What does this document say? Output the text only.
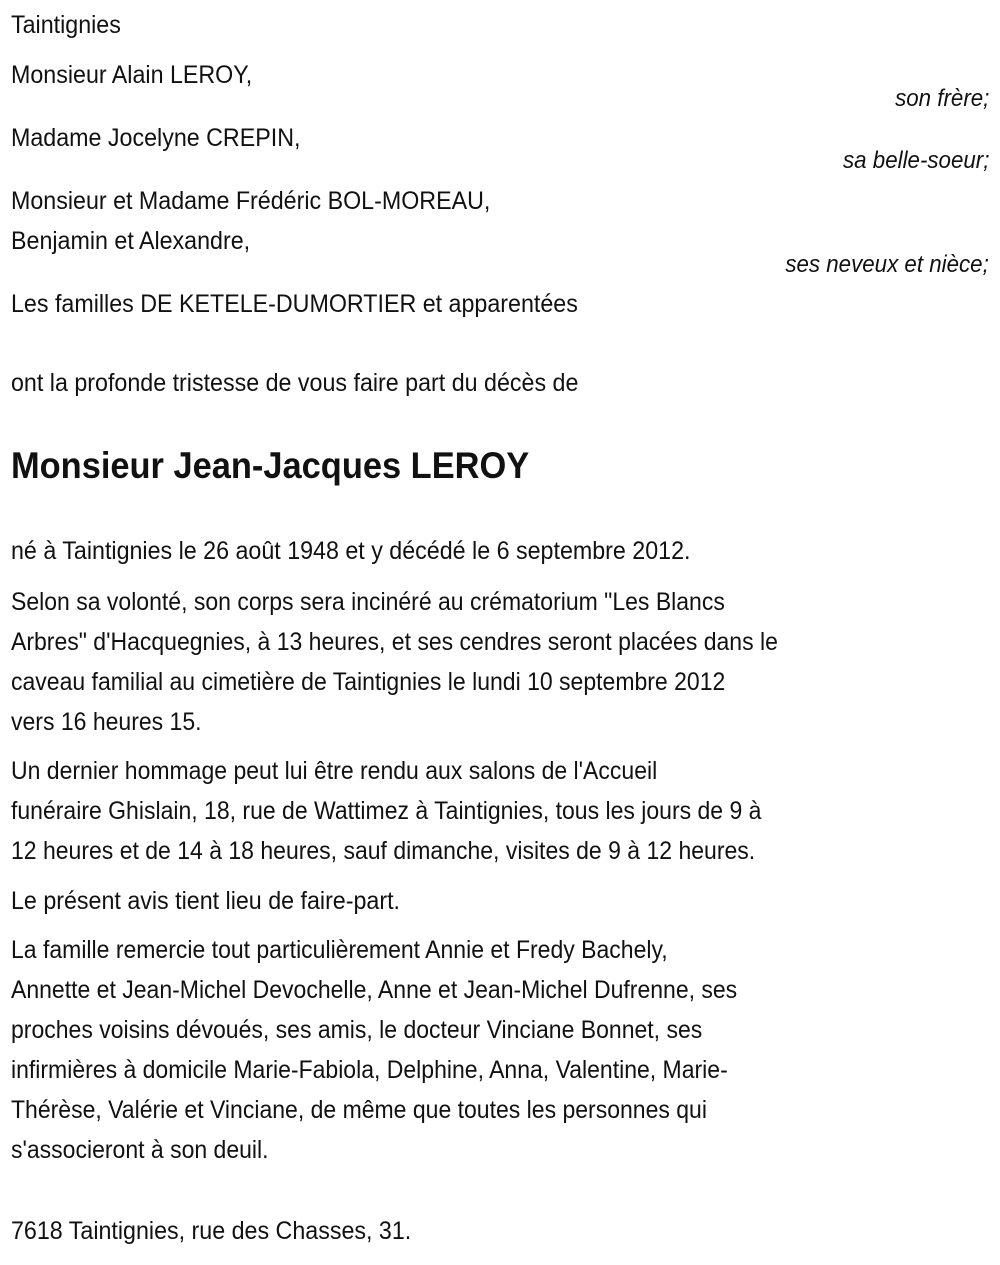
Taintignies
Monsieur Alain LEROY,
son frère;
Madame Jocelyne CREPIN,
sa belle-soeur;
Monsieur et Madame Frédéric BOL-MOREAU,
Benjamin et Alexandre,
ses neveux et nièce;
Les familles DE KETELE-DUMORTIER et apparentées
ont la profonde tristesse de vous faire part du décès de
Monsieur Jean-Jacques LEROY
né à Taintignies le 26 août 1948 et y décédé le 6 septembre 2012.
Selon sa volonté, son corps sera incinéré au crématorium "Les Blancs
Arbres" d'Hacquegnies, à 13 heures, et ses cendres seront placées dans le
caveau familial au cimetière de Taintignies le lundi 10 septembre 2012
vers 16 heures 15.
Un dernier hommage peut lui être rendu aux salons de l'Accueil
funéraire Ghislain, 18, rue de Wattimez à Taintignies, tous les jours de 9 à
12 heures et de 14 à 18 heures, sauf dimanche, visites de 9 à 12 heures.
Le présent avis tient lieu de faire-part.
La famille remercie tout particulièrement Annie et Fredy Bachely,
Annette et Jean-Michel Devochelle, Anne et Jean-Michel Dufrenne, ses
proches voisins dévoués, ses amis, le docteur Vinciane Bonnet, ses
infirmières à domicile Marie-Fabiola, Delphine, Anna, Valentine, Marie-
Thérèse, Valérie et Vinciane, de même que toutes les personnes qui
s'associeront à son deuil.
7618 Taintignies, rue des Chasses, 31.
